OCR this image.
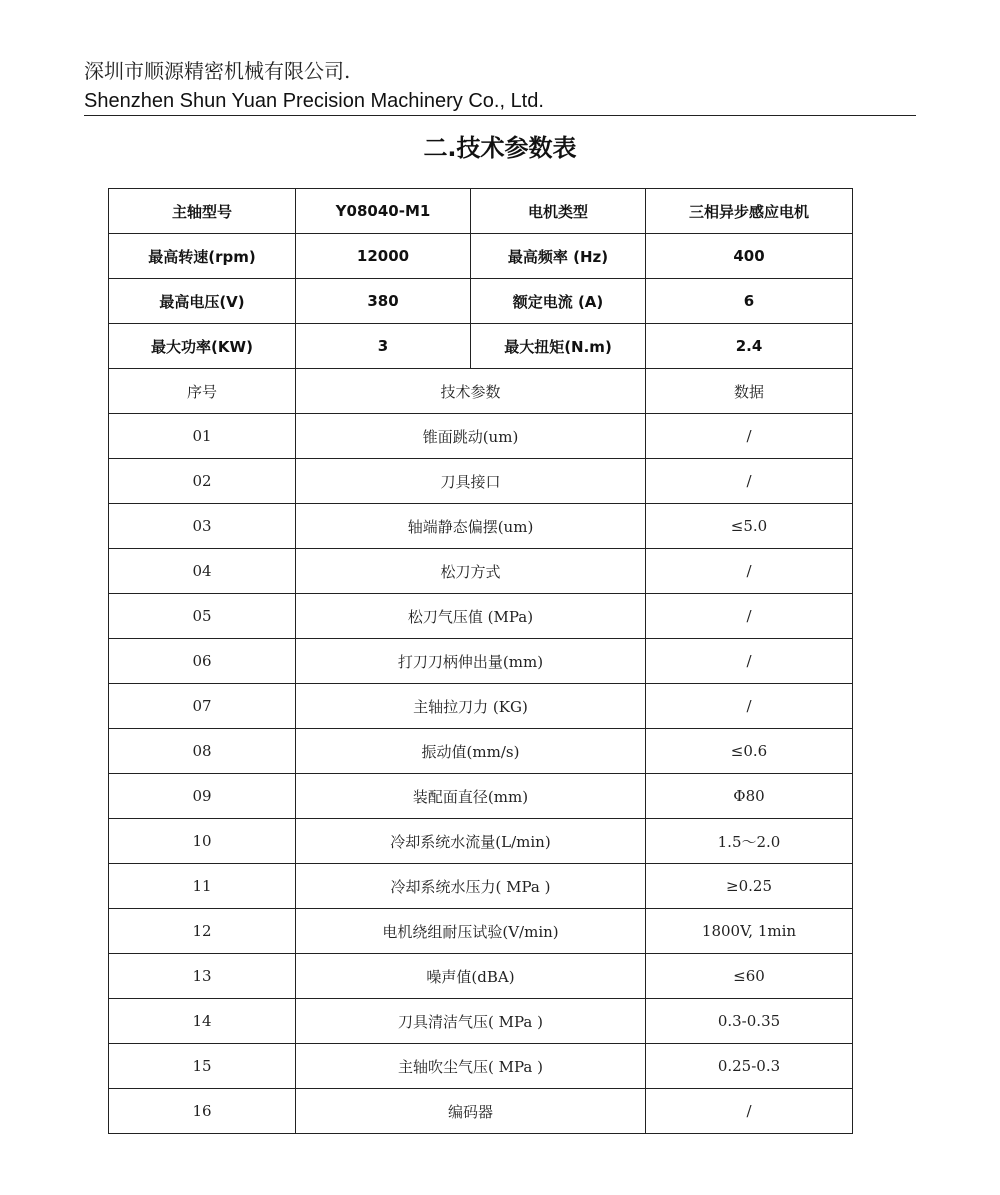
深圳市顺源精密机械有限公司.
Shenzhen Shun Yuan Precision Machinery Co., Ltd.
二.技术参数表
主轴型号	Y08040-M1	电机类型	三相异步感应电机
最高转速(rpm)	12000	最高频率 (Hz)	400
最高电压(V)	380	额定电流 (A)	6
最大功率(KW)	3	最大扭矩(N.m)	2.4
序号	技术参数		数据
01	锥面跳动(um)		/
02	刀具接口		/
03	轴端静态偏摆(um)		≤5.0
04	松刀方式		/
05	松刀气压值 (MPa)		/
06	打刀刀柄伸出量(mm)		/
07	主轴拉刀力 (KG)		/
08	振动值(mm/s)		≤0.6
09	装配面直径(mm)		Φ80
10	冷却系统水流量(L/min)		1.5～2.0
11	冷却系统水压力( MPa )		≥0.25
12	电机绕组耐压试验(V/min)		1800V, 1min
13	噪声值(dBA)		≤60
14	刀具清洁气压( MPa )		0.3-0.35
15	主轴吹尘气压( MPa )		0.25-0.3
16	编码器		/
